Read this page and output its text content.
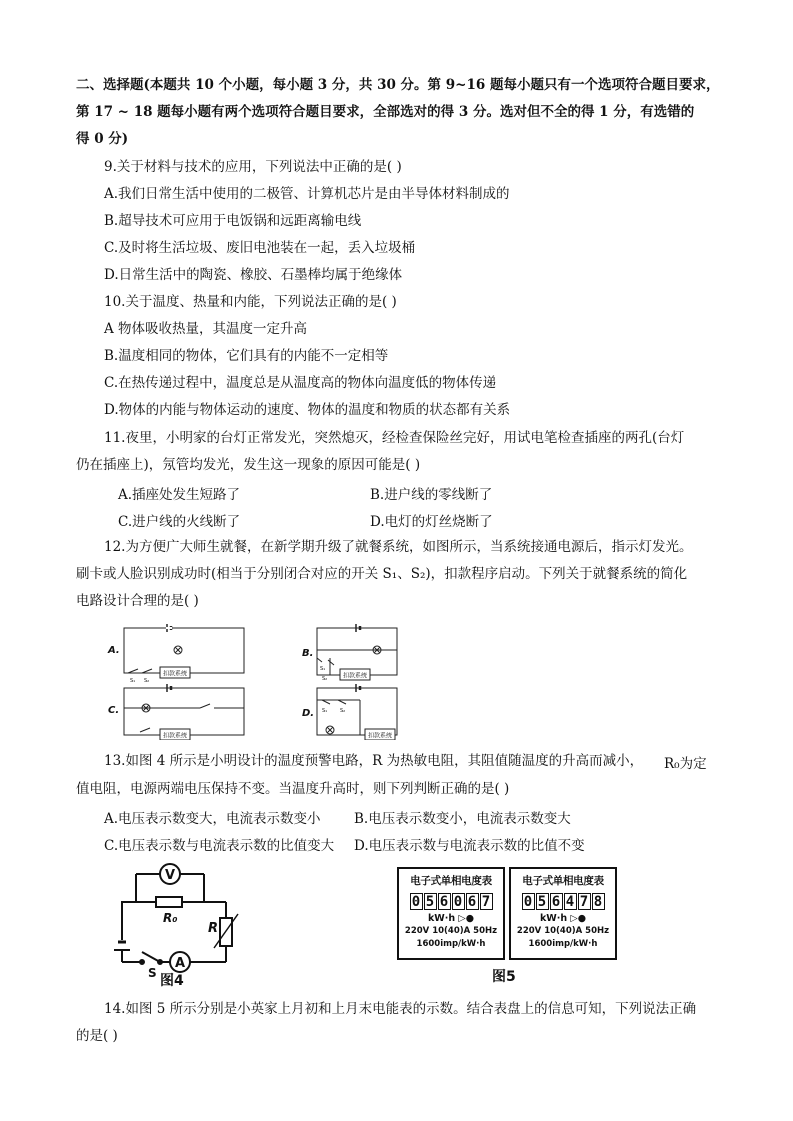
二、选择题(本题共 10 个小题，每小题 3 分，共 30 分。第 9~16 题每小题只有一个选项符合题目要求，
第 17 ~ 18 题每小题有两个选项符合题目要求，全部选对的得 3 分。选对但不全的得 1 分，有选错的
得 0 分)
9.关于材料与技术的应用，下列说法中正确的是( )
A.我们日常生活中使用的二极管、计算机芯片是由半导体材料制成的
B.超导技术可应用于电饭锅和远距离输电线
C.及时将生活垃圾、废旧电池装在一起，丢入垃圾桶
D.日常生活中的陶瓷、橡胶、石墨棒均属于绝缘体
10.关于温度、热量和内能，下列说法正确的是( )
A 物体吸收热量，其温度一定升高
B.温度相同的物体，它们具有的内能不一定相等
C.在热传递过程中，温度总是从温度高的物体向温度低的物体传递
D.物体的内能与物体运动的速度、物体的温度和物质的状态都有关系
11.夜里，小明家的台灯正常发光，突然熄灭，经检查保险丝完好，用试电笔检查插座的两孔(台灯
仍在插座上)，氖管均发光，发生这一现象的原因可能是( )
A.插座处发生短路了	B.进户线的零线断了
C.进户线的火线断了	D.电灯的灯丝烧断了
12.为方便广大师生就餐，在新学期升级了就餐系统，如图所示，当系统接通电源后，指示灯发光。
刷卡或人脸识别成功时(相当于分别闭合对应的开关 S₁、S₂)，扣款程序启动。下列关于就餐系统的简化
电路设计合理的是( )
A.
扣款系统
S₁ S₂
B.
扣款系统
S₁
S₂
C.
扣款系统
D.
扣款系统
S₁	S₂
13.如图 4 所示是小明设计的温度预警电路，R 为热敏电阻，其阻值随温度的升高而减小， R₀为定
值电阻，电源两端电压保持不变。当温度升高时，则下列判断正确的是( )
A.电压表示数变大，电流表示数变小 B.电压表示数变小，电流表示数变大
C.电压表示数与电流表示数的比值变大 D.电压表示数与电流表示数的比值不变
V
R₀
R
A
S 图4
电子式单相电度表
0 5 6 0 6 7
kW·h ▷●
220V 10(40)A 50Hz
1600imp/kW·h
电子式单相电度表
0 5 6 4 7 8
kW·h ▷●
220V 10(40)A 50Hz
1600imp/kW·h
图5
14.如图 5 所示分别是小英家上月初和上月末电能表的示数。结合表盘上的信息可知，下列说法正确
的是( )
